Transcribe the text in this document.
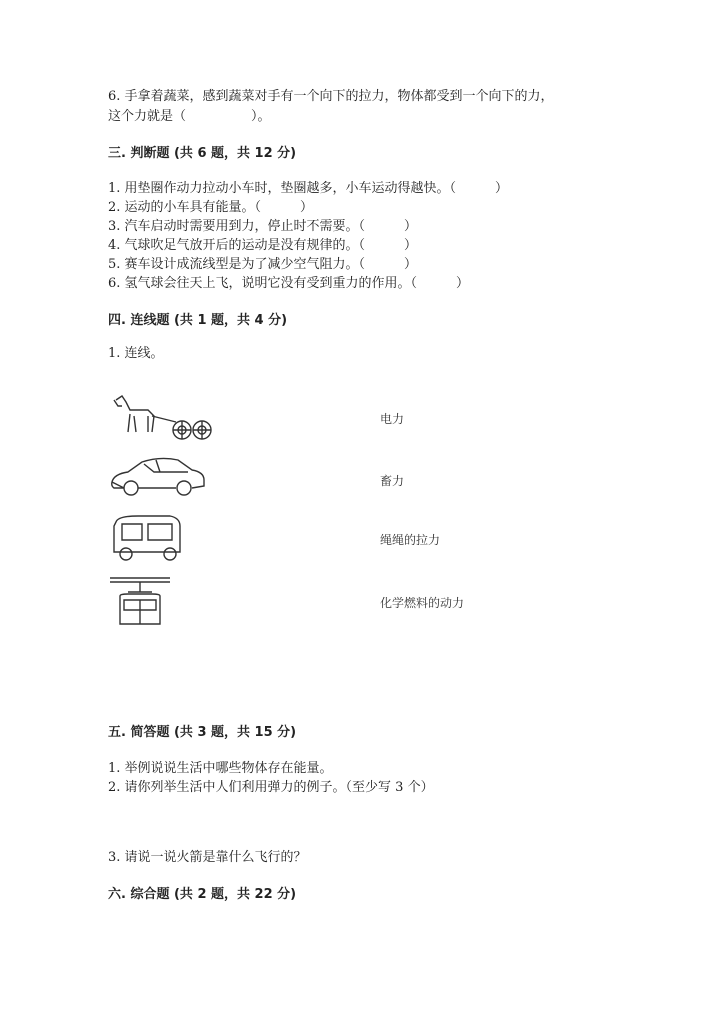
6. 手拿着蔬菜，感到蔬菜对手有一个向下的拉力，物体都受到一个向下的力，
这个力就是（　　　　　）。
三. 判断题 (共 6 题，共 12 分)
1. 用垫圈作动力拉动小车时，垫圈越多，小车运动得越快。（　　　）
2. 运动的小车具有能量。（　　　）
3. 汽车启动时需要用到力，停止时不需要。（　　　）
4. 气球吹足气放开后的运动是没有规律的。（　　　）
5. 赛车设计成流线型是为了减少空气阻力。（　　　）
6. 氢气球会往天上飞，说明它没有受到重力的作用。（　　　）
四. 连线题 (共 1 题，共 4 分)
1. 连线。
电力
畜力
绳绳的拉力
化学燃料的动力
五. 简答题 (共 3 题，共 15 分)
1. 举例说说生活中哪些物体存在能量。
2. 请你列举生活中人们利用弹力的例子。（至少写 3 个）
3. 请说一说火箭是靠什么飞行的？
六. 综合题 (共 2 题，共 22 分)
